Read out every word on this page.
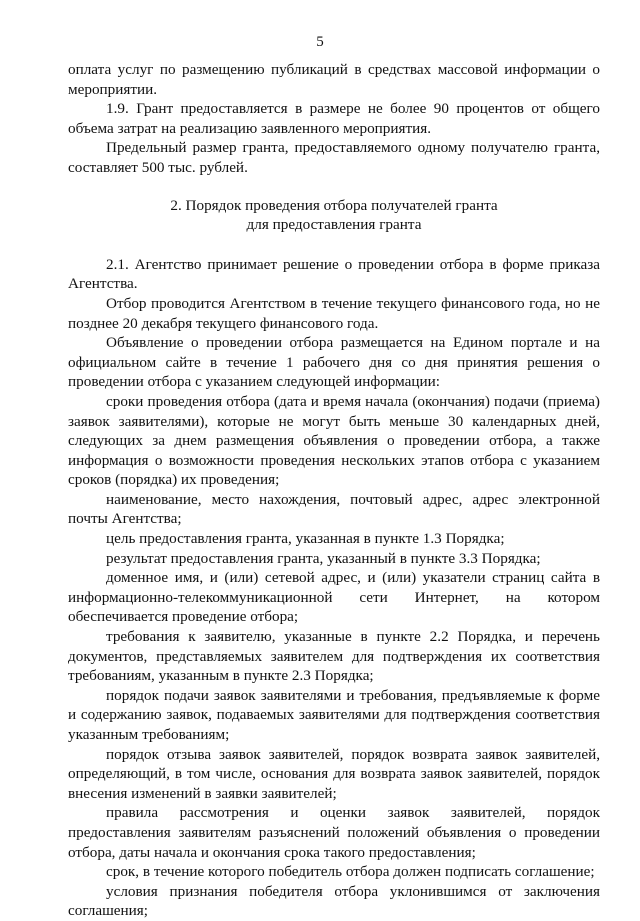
5

оплата услуг по размещению публикаций в средствах массовой информации о мероприятии.

1.9. Грант предоставляется в размере не более 90 процентов от общего объема затрат на реализацию заявленного мероприятия.

Предельный размер гранта, предоставляемого одному получателю гранта, составляет 500 тыс. рублей.

2. Порядок проведения отбора получателей гранта
для предоставления гранта

2.1. Агентство принимает решение о проведении отбора в форме приказа Агентства.

Отбор проводится Агентством в течение текущего финансового года, но не позднее 20 декабря текущего финансового года.

Объявление о проведении отбора размещается на Едином портале и на официальном сайте в течение 1 рабочего дня со дня принятия решения о проведении отбора с указанием следующей информации:

сроки проведения отбора (дата и время начала (окончания) подачи (приема) заявок заявителями), которые не могут быть меньше 30 календарных дней, следующих за днем размещения объявления о проведении отбора, а также информация о возможности проведения нескольких этапов отбора с указанием сроков (порядка) их проведения;

наименование, место нахождения, почтовый адрес, адрес электронной почты Агентства;

цель предоставления гранта, указанная в пункте 1.3 Порядка;

результат предоставления гранта, указанный в пункте 3.3 Порядка;

доменное имя, и (или) сетевой адрес, и (или) указатели страниц сайта в информационно-телекоммуникационной сети Интернет, на котором обеспечивается проведение отбора;

требования к заявителю, указанные в пункте 2.2 Порядка, и перечень документов, представляемых заявителем для подтверждения их соответствия требованиям, указанным в пункте 2.3 Порядка;

порядок подачи заявок заявителями и требования, предъявляемые к форме и содержанию заявок, подаваемых заявителями для подтверждения соответствия указанным требованиям;

порядок отзыва заявок заявителей, порядок возврата заявок заявителей, определяющий, в том числе, основания для возврата заявок заявителей, порядок внесения изменений в заявки заявителей;

правила рассмотрения и оценки заявок заявителей, порядок предоставления заявителям разъяснений положений объявления о проведении отбора, даты начала и окончания срока такого предоставления;

срок, в течение которого победитель отбора должен подписать соглашение;

условия признания победителя отбора уклонившимся от заключения соглашения;
